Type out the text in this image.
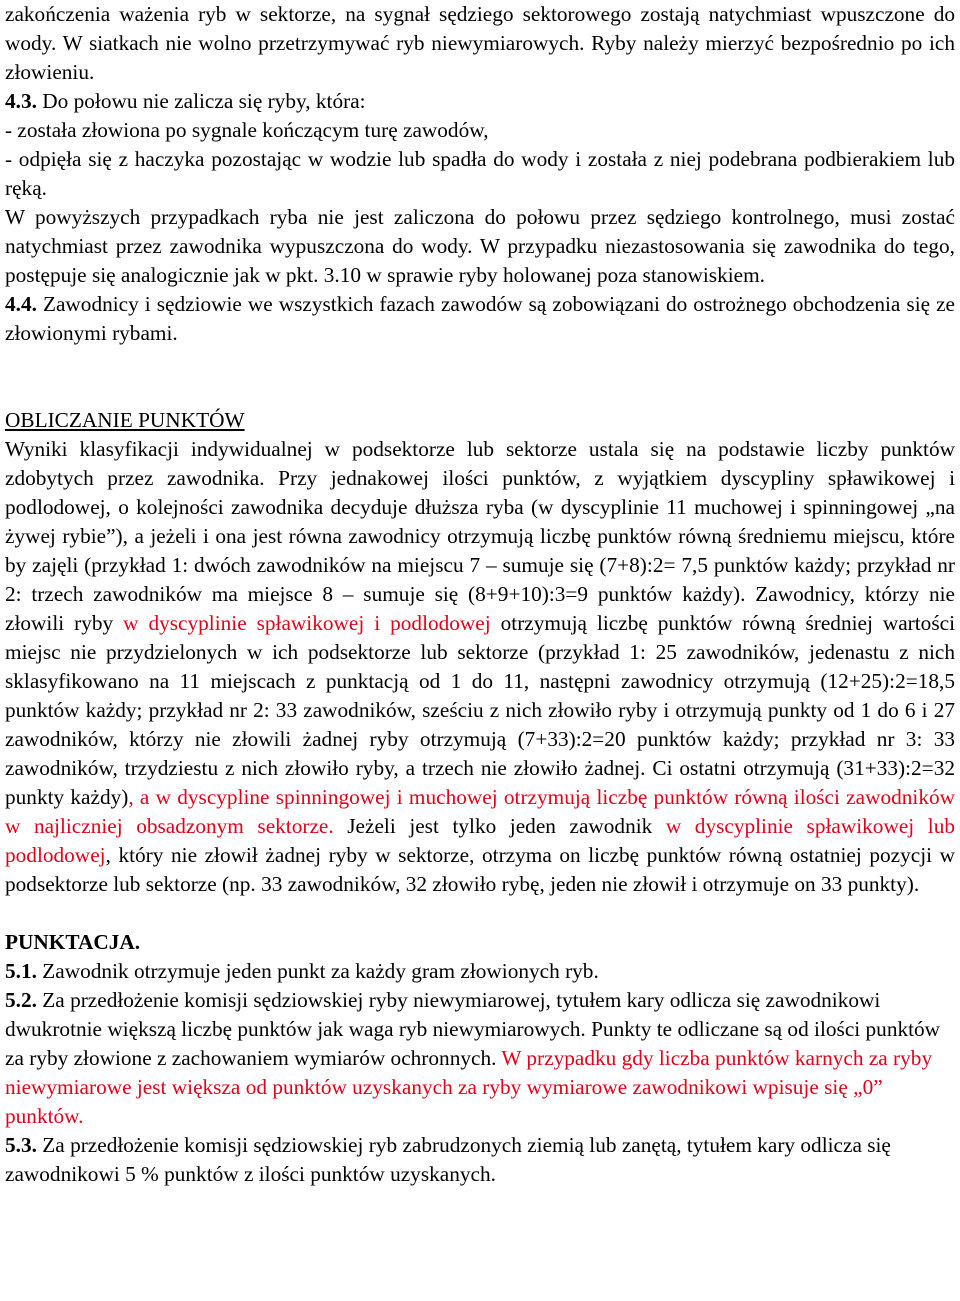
zakończenia ważenia ryb w sektorze, na sygnał sędziego sektorowego zostają natychmiast wpuszczone do wody. W siatkach nie wolno przetrzymywać ryb niewymiarowych. Ryby należy mierzyć bezpośrednio po ich złowieniu.

4.3. Do połowu nie zalicza się ryby, która:

- została złowiona po sygnale kończącym turę zawodów,

- odpięła się z haczyka pozostając w wodzie lub spadła do wody i została z niej podebrana podbierakiem lub ręką.

W powyższych przypadkach ryba nie jest zaliczona do połowu przez sędziego kontrolnego, musi zostać natychmiast przez zawodnika wypuszczona do wody. W przypadku niezastosowania się zawodnika do tego, postępuje się analogicznie jak w pkt. 3.10 w sprawie ryby holowanej poza stanowiskiem.

4.4. Zawodnicy i sędziowie we wszystkich fazach zawodów są zobowiązani do ostrożnego obchodzenia się ze złowionymi rybami.

OBLICZANIE PUNKTÓW

Wyniki klasyfikacji indywidualnej w podsektorze lub sektorze ustala się na podstawie liczby punktów zdobytych przez zawodnika. Przy jednakowej ilości punktów, z wyjątkiem dyscypliny spławikowej i podlodowej, o kolejności zawodnika decyduje dłuższa ryba (w dyscyplinie 11 muchowej i spinningowej „na żywej rybie”), a jeżeli i ona jest równa zawodnicy otrzymują liczbę punktów równą średniemu miejscu, które by zajęli (przykład 1: dwóch zawodników na miejscu 7 – sumuje się (7+8):2= 7,5 punktów każdy; przykład nr 2: trzech zawodników ma miejsce 8 – sumuje się (8+9+10):3=9 punktów każdy). Zawodnicy, którzy nie złowili ryby w dyscyplinie spławikowej i podlodowej otrzymują liczbę punktów równą średniej wartości miejsc nie przydzielonych w ich podsektorze lub sektorze (przykład 1: 25 zawodników, jedenastu z nich sklasyfikowano na 11 miejscach z punktacją od 1 do 11, następni zawodnicy otrzymują (12+25):2=18,5 punktów każdy; przykład nr 2: 33 zawodników, sześciu z nich złowiło ryby i otrzymują punkty od 1 do 6 i 27 zawodników, którzy nie złowili żadnej ryby otrzymują (7+33):2=20 punktów każdy; przykład nr 3: 33 zawodników, trzydziestu z nich złowiło ryby, a trzech nie złowiło żadnej. Ci ostatni otrzymują (31+33):2=32 punkty każdy), a w dyscypline spinningowej i muchowej otrzymują liczbę punktów równą ilości zawodników w najliczniej obsadzonym sektorze. Jeżeli jest tylko jeden zawodnik w dyscyplinie spławikowej lub podlodowej, który nie złowił żadnej ryby w sektorze, otrzyma on liczbę punktów równą ostatniej pozycji w podsektorze lub sektorze (np. 33 zawodników, 32 złowiło rybę, jeden nie złowił i otrzymuje on 33 punkty).

PUNKTACJA.

5.1. Zawodnik otrzymuje jeden punkt za każdy gram złowionych ryb.

5.2. Za przedłożenie komisji sędziowskiej ryby niewymiarowej, tytułem kary odlicza się zawodnikowi dwukrotnie większą liczbę punktów jak waga ryb niewymiarowych. Punkty te odliczane są od ilości punktów za ryby złowione z zachowaniem wymiarów ochronnych. W przypadku gdy liczba punktów karnych za ryby niewymiarowe jest większa od punktów uzyskanych za ryby wymiarowe zawodnikowi wpisuje się „0” punktów.

5.3. Za przedłożenie komisji sędziowskiej ryb zabrudzonych ziemią lub zanętą, tytułem kary odlicza się zawodnikowi 5 % punktów z ilości punktów uzyskanych.
